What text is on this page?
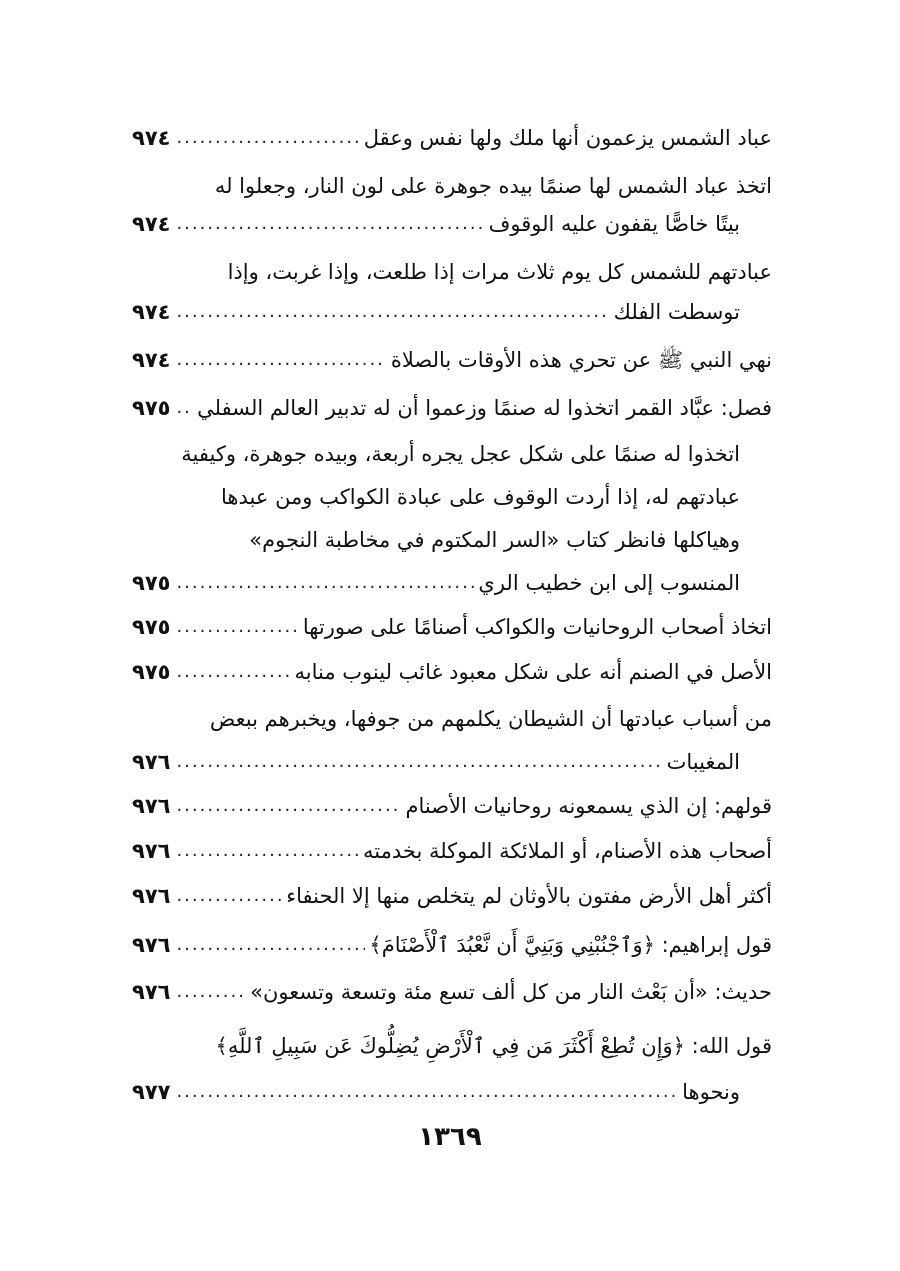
عباد الشمس يزعمون أنها ملك ولها نفس وعقل
.....
٩٧٤
اتخذ عباد الشمس لها صنمًا بيده جوهرة على لون النار، وجعلوا له
بيتًا خاصًّا يقفون عليه الوقوف
.....
٩٧٤
عبادتهم للشمس كل يوم ثلاث مرات إذا طلعت، وإذا غربت، وإذا
توسطت الفلك
.....
٩٧٤
نهي النبي ﷺ عن تحري هذه الأوقات بالصلاة
.....
٩٧٤
فصل: عبَّاد القمر اتخذوا له صنمًا وزعموا أن له تدبير العالم السفلي
.....
٩٧٥
اتخذوا له صنمًا على شكل عجل يجره أربعة، وبيده جوهرة، وكيفية
عبادتهم له، إذا أردت الوقوف على عبادة الكواكب ومن عبدها
وهياكلها فانظر كتاب «السر المكتوم في مخاطبة النجوم»
المنسوب إلى ابن خطيب الري
.....
٩٧٥
اتخاذ أصحاب الروحانيات والكواكب أصنامًا على صورتها
.....
٩٧٥
الأصل في الصنم أنه على شكل معبود غائب لينوب منابه
.....
٩٧٥
من أسباب عبادتها أن الشيطان يكلمهم من جوفها، ويخبرهم ببعض
المغيبات
.....
٩٧٦
قولهم: إن الذي يسمعونه روحانيات الأصنام
.....
٩٧٦
أصحاب هذه الأصنام، أو الملائكة الموكلة بخدمته
.....
٩٧٦
أكثر أهل الأرض مفتون بالأوثان لم يتخلص منها إلا الحنفاء
.....
٩٧٦
قول إبراهيم: ﴿وَٱجْنُبْنِي وَبَنِيَّ أَن نَّعْبُدَ ٱلْأَصْنَامَ﴾
.....
٩٧٦
حديث: «أن بَعْث النار من كل ألف تسع مئة وتسعة وتسعون»
.....
٩٧٦
قول الله: ﴿وَإِن تُطِعْ أَكْثَرَ مَن فِي ٱلْأَرْضِ يُضِلُّوكَ عَن سَبِيلِ ٱللَّهِ﴾
ونحوها
.....
٩٧٧
١٣٦٩
